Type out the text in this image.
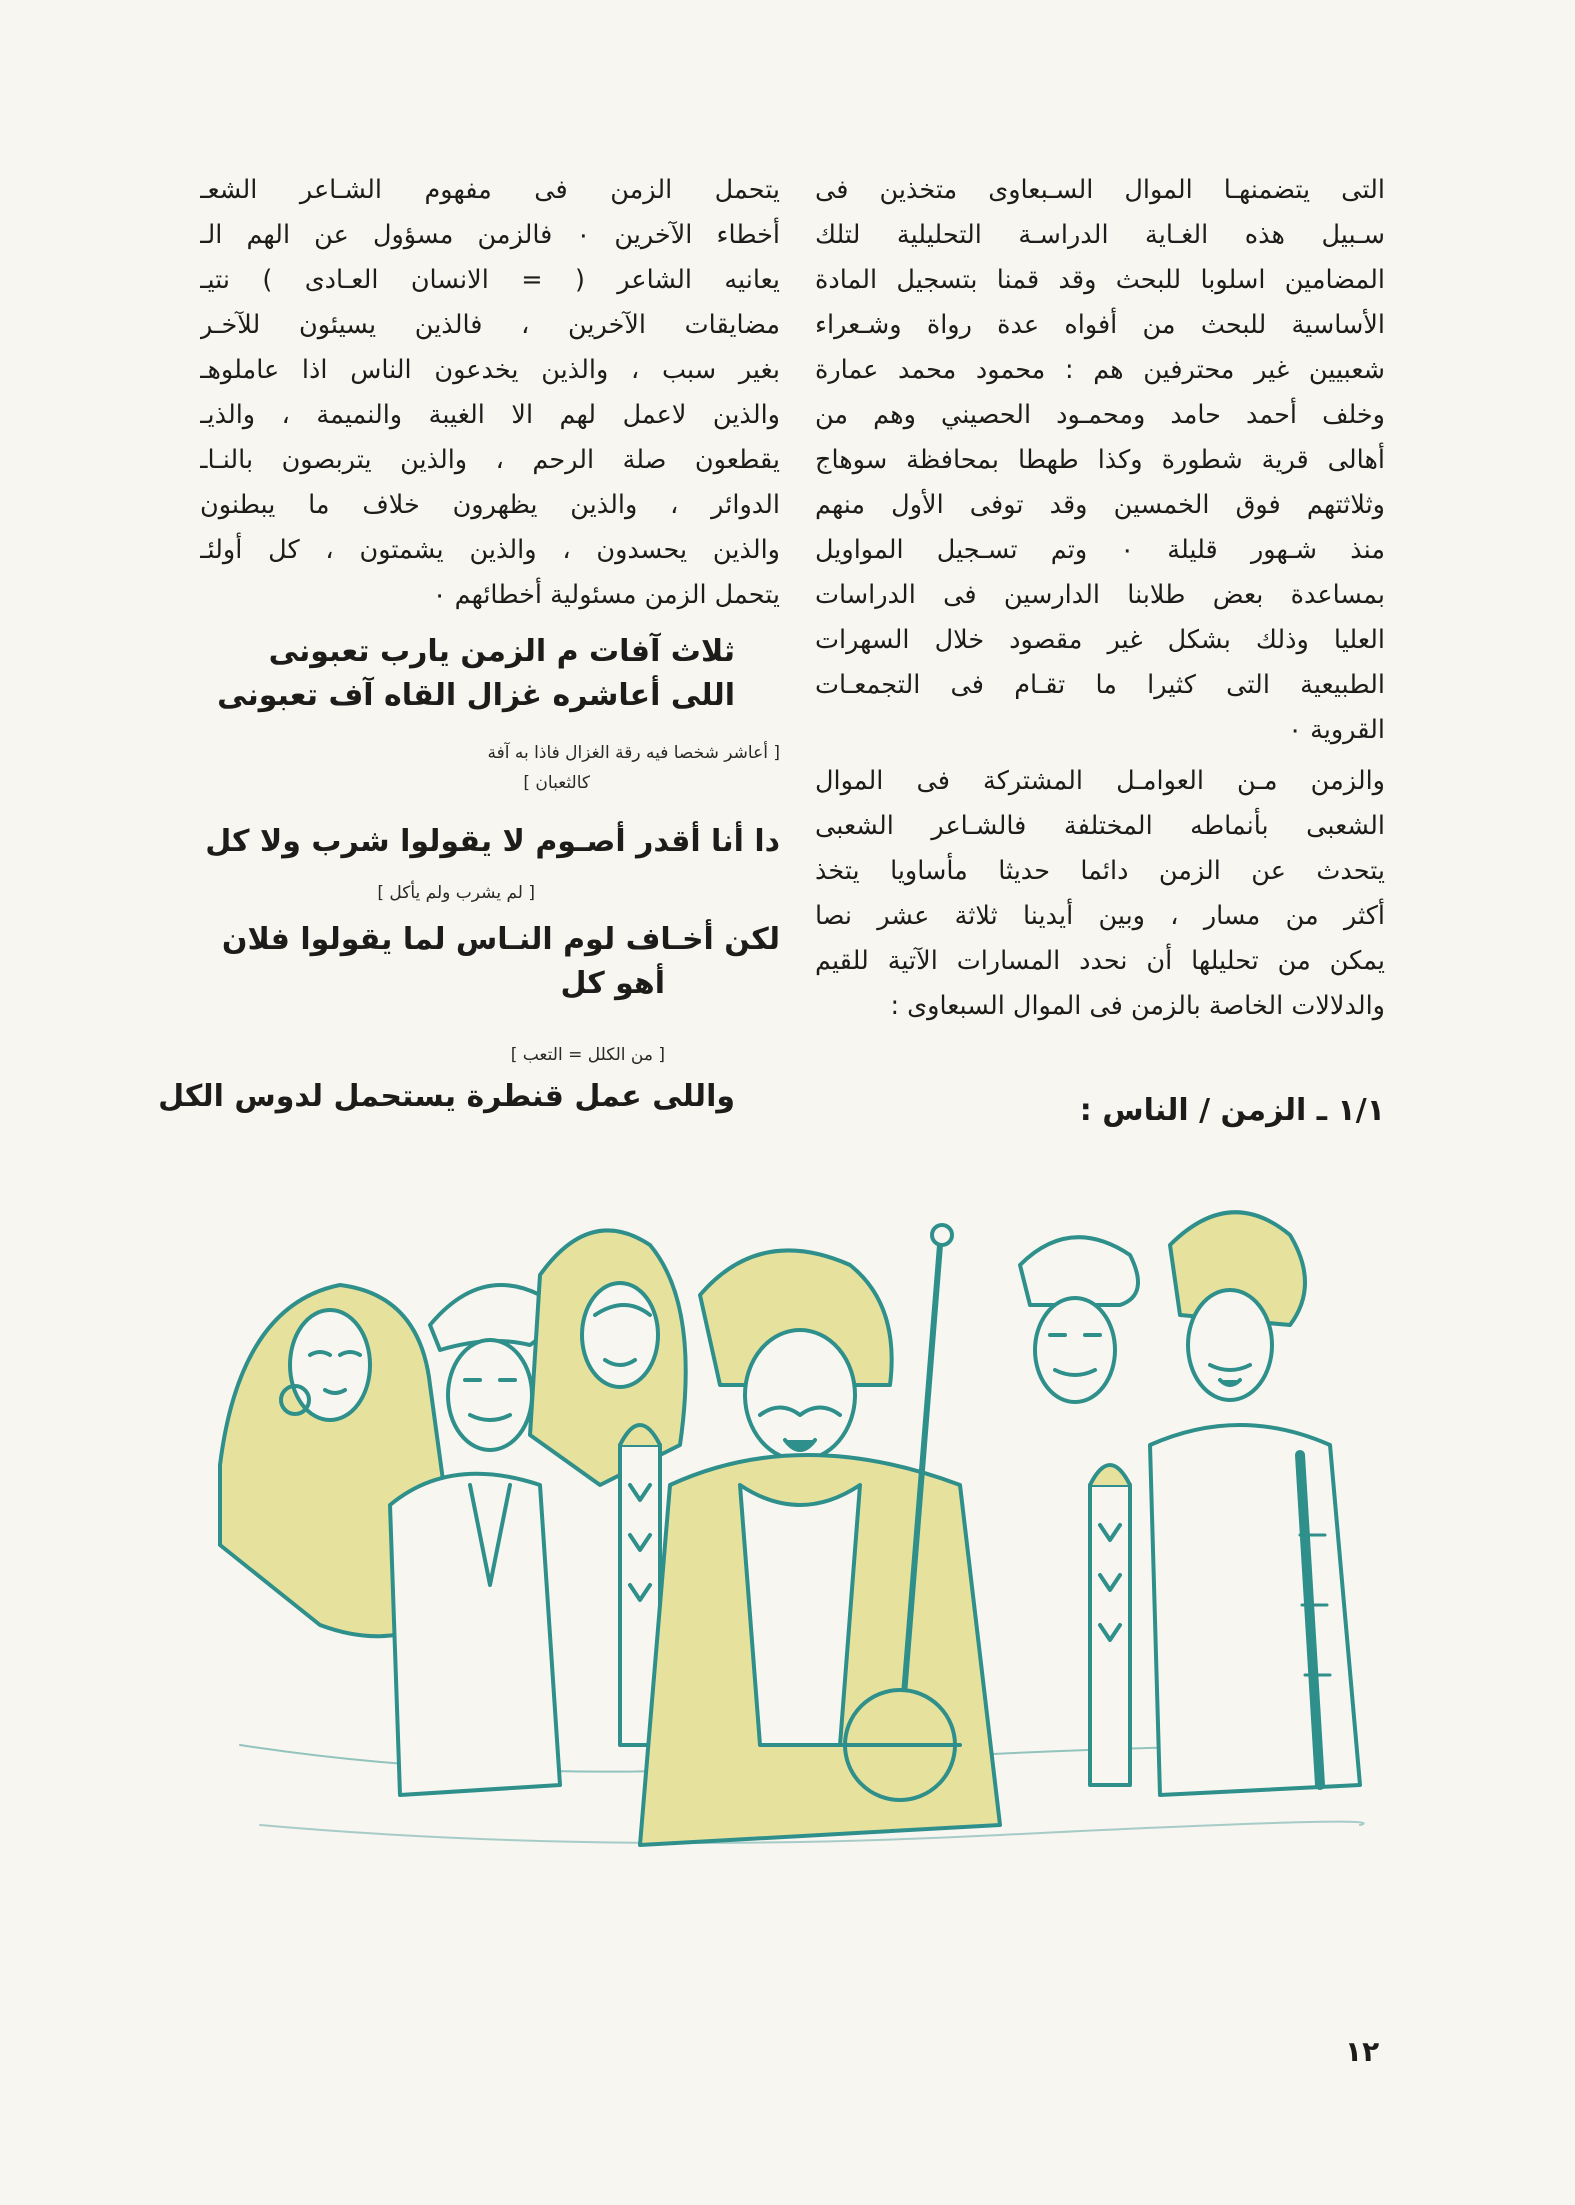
التى يتضمنهـا الموال السـبعاوى متخذين فى
سـبيل هذه الغـاية الدراسـة التحليلية لتلك
المضامين اسلوبا للبحث وقد قمنا بتسجيل المادة
الأساسية للبحث من أفواه عدة رواة وشـعراء
شعبيين غير محترفين هم : محمود محمد عمارة
وخلف أحمد حامد ومحمـود الحصيني وهم من
أهالى قرية شطورة وكذا طهطا بمحافظة سوهاج
وثلاثتهم فوق الخمسين وقد توفى الأول منهم
منذ شـهور قليلة ٠ وتم تسـجيل المواويل
بمساعدة بعض طلابنا الدارسين فى الدراسات
العليا وذلك بشكل غير مقصود خلال السهرات
الطبيعية التى كثيرا ما تقـام فى التجمعـات
القروية ٠
والزمن مـن العوامـل المشتركة فى الموال
الشعبى بأنماطه المختلفة فالشـاعر الشعبى
يتحدث عن الزمن دائما حديثا مأساويا يتخذ
أكثر من مسار ، وبين أيدينا ثلاثة عشر نصا
يمكن من تحليلها أن نحدد المسارات الآتية للقيم
والدلالات الخاصة بالزمن فى الموال السبعاوى :
١/١ ـ الزمن / الناس :
يتحمل الزمن فى مفهوم الشـاعر الشعـ
أخطاء الآخرين ٠ فالزمن مسؤول عن الهم الـ
يعانيه الشاعر ( = الانسان العـادى ) نتيـ
مضايقات الآخرين ، فالذين يسيئون للآخـر
بغير سبب ، والذين يخدعون الناس اذا عاملوهـ
والذين لاعمل لهم الا الغيبة والنميمة ، والذيـ
يقطعون صلة الرحم ، والذين يتربصون بالنـاـ
الدوائر ، والذين يظهرون خلاف ما يبطنون
والذين يحسدون ، والذين يشمتون ، كل أولئـ
يتحمل الزمن مسئولية أخطائهم ٠
ثلاث آفات م الزمن يارب تعبونى
اللى أعاشره غزال القاه آف تعبونى
[ أعاشر شخصا فيه رقة الغزال فاذا به آفة
كالثعبان ]
دا أنا أقدر أصـوم لا يقولوا شرب ولا كل
[ لم يشرب ولم يأكل ]
لكن أخـاف لوم النـاس لما يقولوا فلان
أهو كل
[ من الكلل = التعب ]
واللى عمل قنطرة يستحمل لدوس الكل
١٢
